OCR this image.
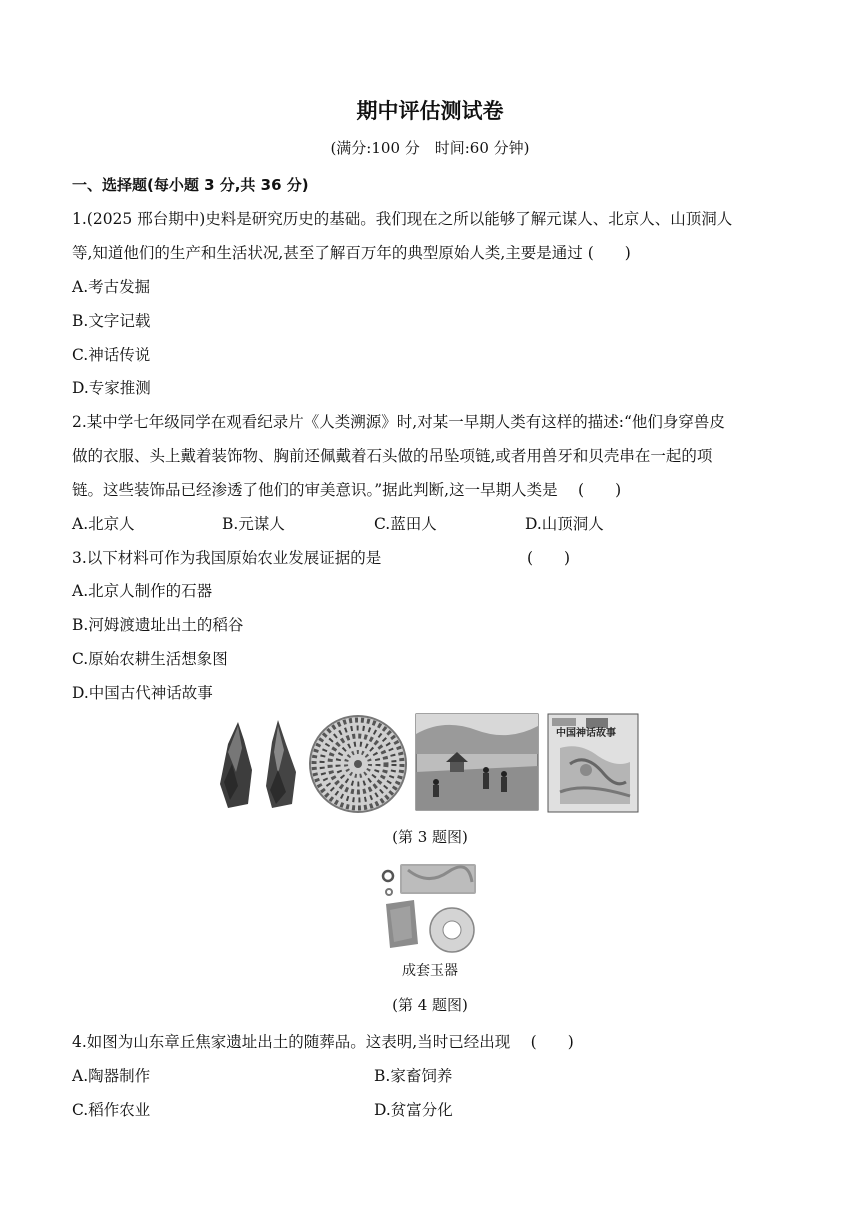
期中评估测试卷
(满分:100 分　时间:60 分钟)
一、选择题(每小题 3 分,共 36 分)
1.(2025 邢台期中)史料是研究历史的基础。我们现在之所以能够了解元谋人、北京人、山顶洞人
等,知道他们的生产和生活状况,甚至了解百万年的典型原始人类,主要是通过 (　　)
A.考古发掘
B.文字记载
C.神话传说
D.专家推测
2.某中学七年级同学在观看纪录片《人类溯源》时,对某一早期人类有这样的描述:“他们身穿兽皮
做的衣服、头上戴着装饰物、胸前还佩戴着石头做的吊坠项链,或者用兽牙和贝壳串在一起的项
链。这些装饰品已经渗透了他们的审美意识。”据此判断,这一早期人类是　 (　　)
A.北京人	B.元谋人	C.蓝田人	D.山顶洞人
3.以下材料可作为我国原始农业发展证据的是	(　　)
A.北京人制作的石器
B.河姆渡遗址出土的稻谷
C.原始农耕生活想象图
D.中国古代神话故事
中国神话故事
(第 3 题图)
成套玉器
(第 4 题图)
4.如图为山东章丘焦家遗址出土的随葬品。这表明,当时已经出现　 (　　)
A.陶器制作	B.家畜饲养
C.稻作农业	D.贫富分化
